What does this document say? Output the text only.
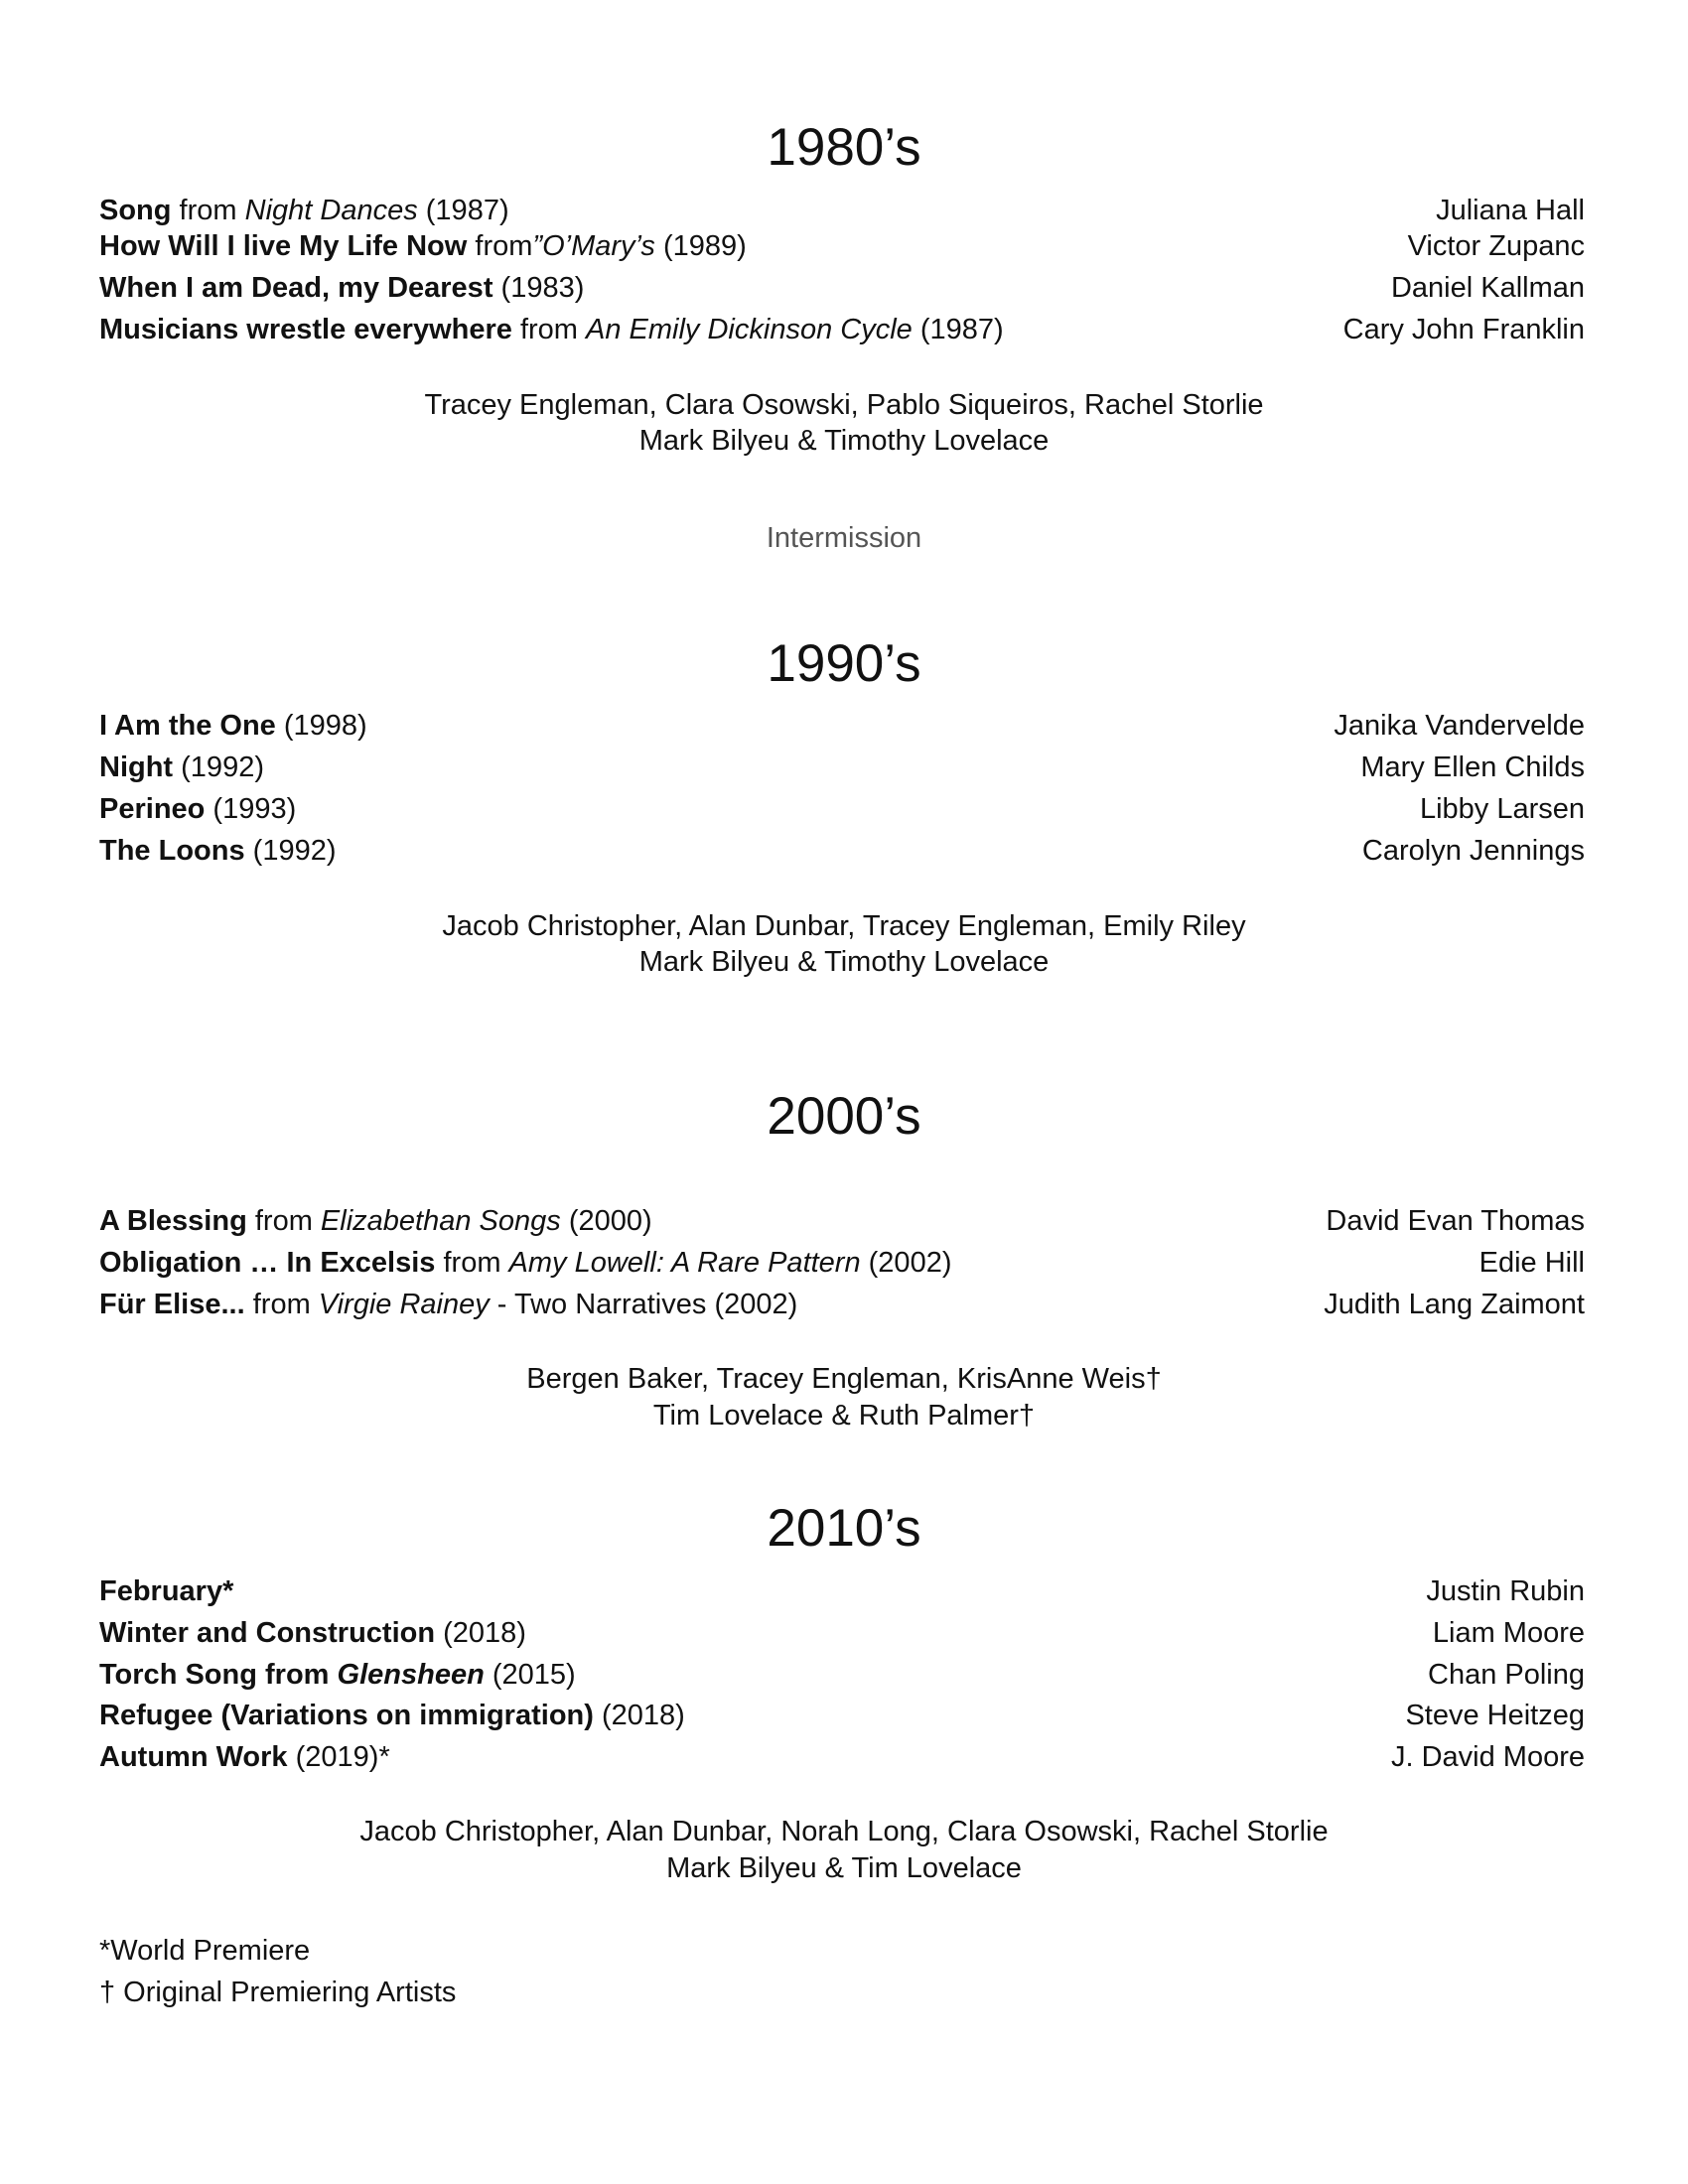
1980’s
Song from Night Dances (1987)	Juliana Hall
How Will I live My Life Now from”O’Mary’s (1989)	Victor Zupanc
When I am Dead, my Dearest (1983)	Daniel Kallman
Musicians wrestle everywhere from An Emily Dickinson Cycle (1987)	Cary John Franklin
Tracey Engleman, Clara Osowski, Pablo Siqueiros, Rachel Storlie
Mark Bilyeu & Timothy Lovelace
Intermission
1990’s
I Am the One (1998)	Janika Vandervelde
Night (1992)	Mary Ellen Childs
Perineo (1993)	Libby Larsen
The Loons (1992)	Carolyn Jennings
Jacob Christopher, Alan Dunbar, Tracey Engleman, Emily Riley
Mark Bilyeu & Timothy Lovelace
2000’s
A Blessing from Elizabethan Songs (2000)	David Evan Thomas
Obligation … In Excelsis from Amy Lowell: A Rare Pattern (2002)	Edie Hill
Für Elise... from Virgie Rainey - Two Narratives (2002)	Judith Lang Zaimont
Bergen Baker, Tracey Engleman, KrisAnne Weis†
Tim Lovelace & Ruth Palmer†
2010’s
February*	Justin Rubin
Winter and Construction (2018)	Liam Moore
Torch Song from Glensheen (2015)	Chan Poling
Refugee (Variations on immigration) (2018)	Steve Heitzeg
Autumn Work (2019)*	J. David Moore
Jacob Christopher, Alan Dunbar, Norah Long, Clara Osowski, Rachel Storlie
Mark Bilyeu & Tim Lovelace
*World Premiere
† Original Premiering Artists
